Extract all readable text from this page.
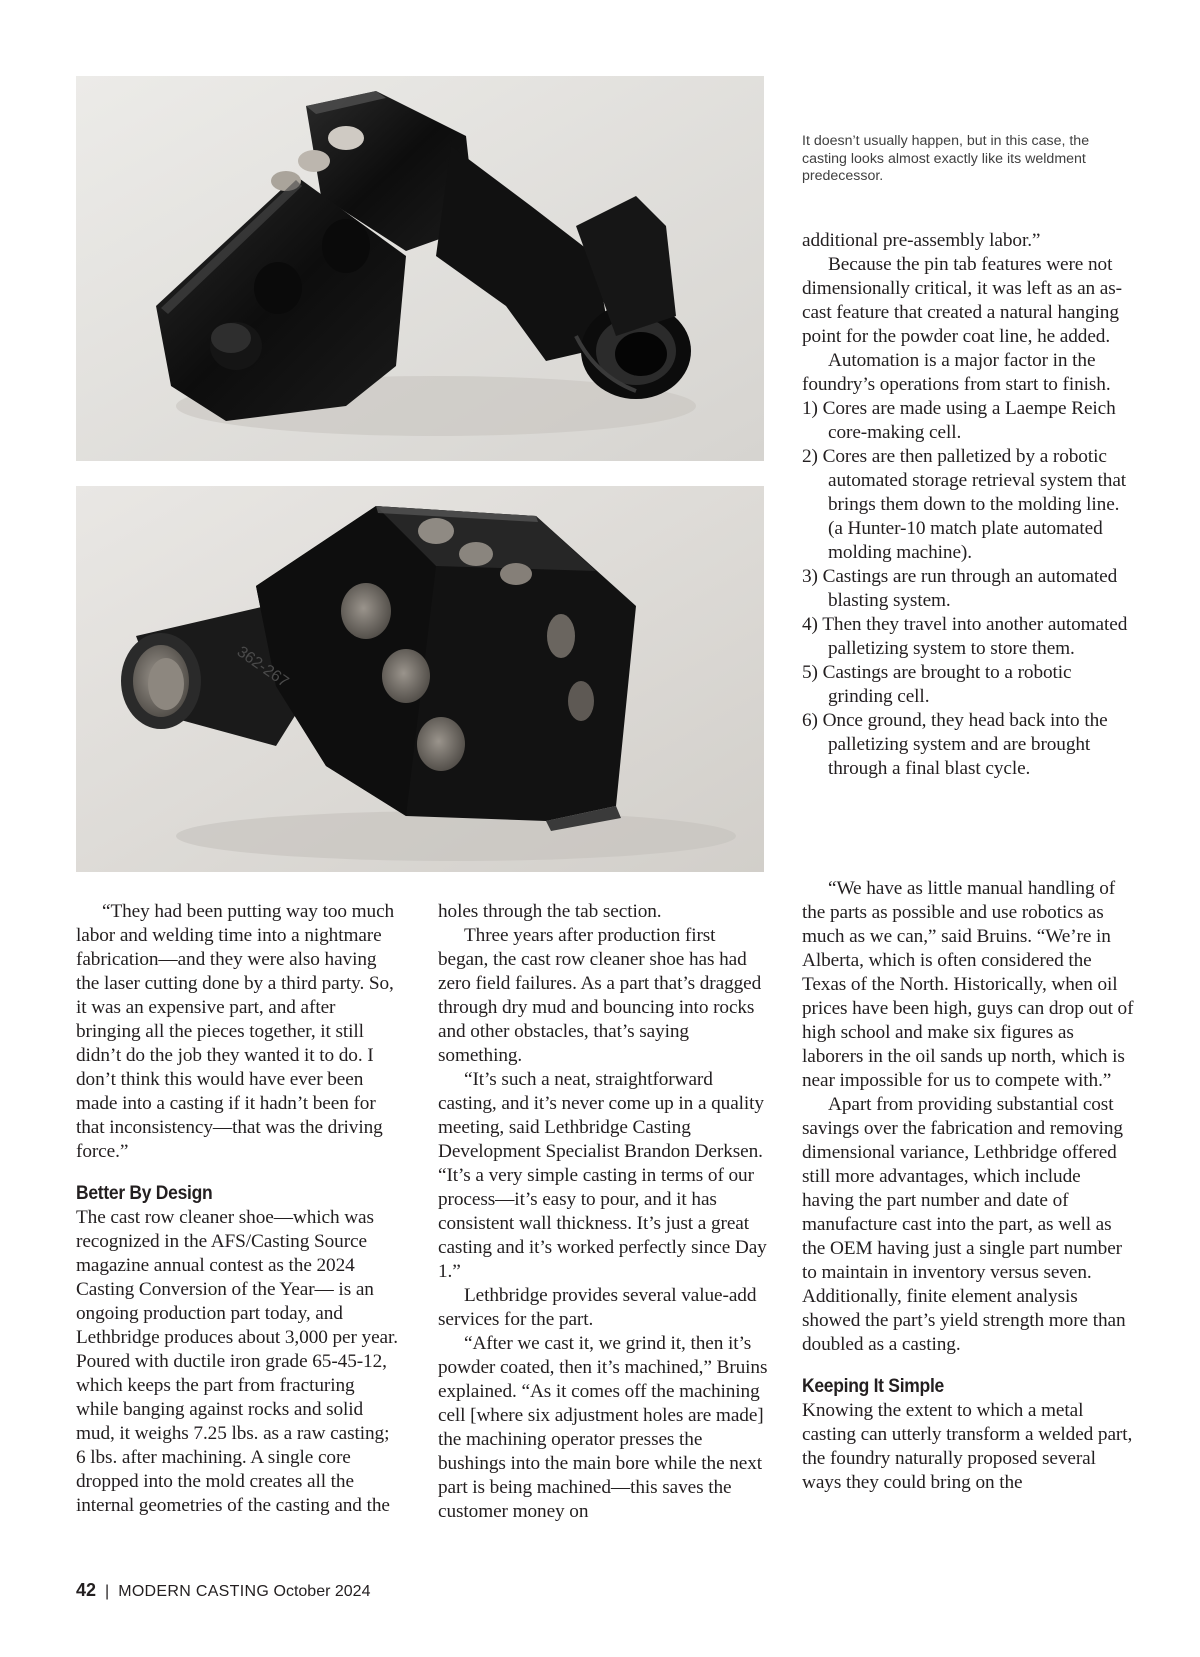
362-267
It doesn’t usually happen, but in this case, the casting looks almost exactly like its weldment predecessor.

additional pre-assembly labor.”

Because the pin tab features were not dimensionally critical, it was left as an as-cast feature that created a natural hanging point for the powder coat line, he added.

Automation is a major factor in the foundry’s operations from start to finish.

1) Cores are made using a Laempe Reich core-making cell.
2) Cores are then palletized by a robotic automated storage retrieval system that brings them down to the molding line. (a Hunter-10 match plate automated molding machine).
3) Castings are run through an automated blasting system.
4) Then they travel into another automated palletizing system to store them.
5) Castings are brought to a robotic grinding cell.
6) Once ground, they head back into the palletizing system and are brought through a final blast cycle.

“They had been putting way too much labor and welding time into a nightmare fabrication—and they were also having the laser cutting done by a third party. So, it was an expensive part, and after bringing all the pieces together, it still didn’t do the job they wanted it to do. I don’t think this would have ever been made into a casting if it hadn’t been for that inconsistency—that was the driving force.”

Better By Design

The cast row cleaner shoe—which was recognized in the AFS/Casting Source magazine annual contest as the 2024 Casting Conversion of the Year— is an ongoing production part today, and Lethbridge produces about 3,000 per year. Poured with ductile iron grade 65-45-12, which keeps the part from fracturing while banging against rocks and solid mud, it weighs 7.25 lbs. as a raw casting; 6 lbs. after machining. A single core dropped into the mold creates all the internal geometries of the casting and the

holes through the tab section.

Three years after production first began, the cast row cleaner shoe has had zero field failures. As a part that’s dragged through dry mud and bouncing into rocks and other obstacles, that’s saying something.

“It’s such a neat, straightforward casting, and it’s never come up in a quality meeting, said Lethbridge Casting Development Specialist Brandon Derksen. “It’s a very simple casting in terms of our process—it’s easy to pour, and it has consistent wall thickness. It’s just a great casting and it’s worked perfectly since Day 1.”

Lethbridge provides several value-add services for the part.

“After we cast it, we grind it, then it’s powder coated, then it’s machined,” Bruins explained. “As it comes off the machining cell [where six adjustment holes are made] the machining operator presses the bushings into the main bore while the next part is being machined—this saves the customer money on

“We have as little manual handling of the parts as possible and use robotics as much as we can,” said Bruins. “We’re in Alberta, which is often considered the Texas of the North. Historically, when oil prices have been high, guys can drop out of high school and make six figures as laborers in the oil sands up north, which is near impossible for us to compete with.”

Apart from providing substantial cost savings over the fabrication and removing dimensional variance, Lethbridge offered still more advantages, which include having the part number and date of manufacture cast into the part, as well as the OEM having just a single part number to maintain in inventory versus seven. Additionally, finite element analysis showed the part’s yield strength more than doubled as a casting.

Keeping It Simple

Knowing the extent to which a metal casting can utterly transform a welded part, the foundry naturally proposed several ways they could bring on the

42 | MODERN CASTING October 2024
